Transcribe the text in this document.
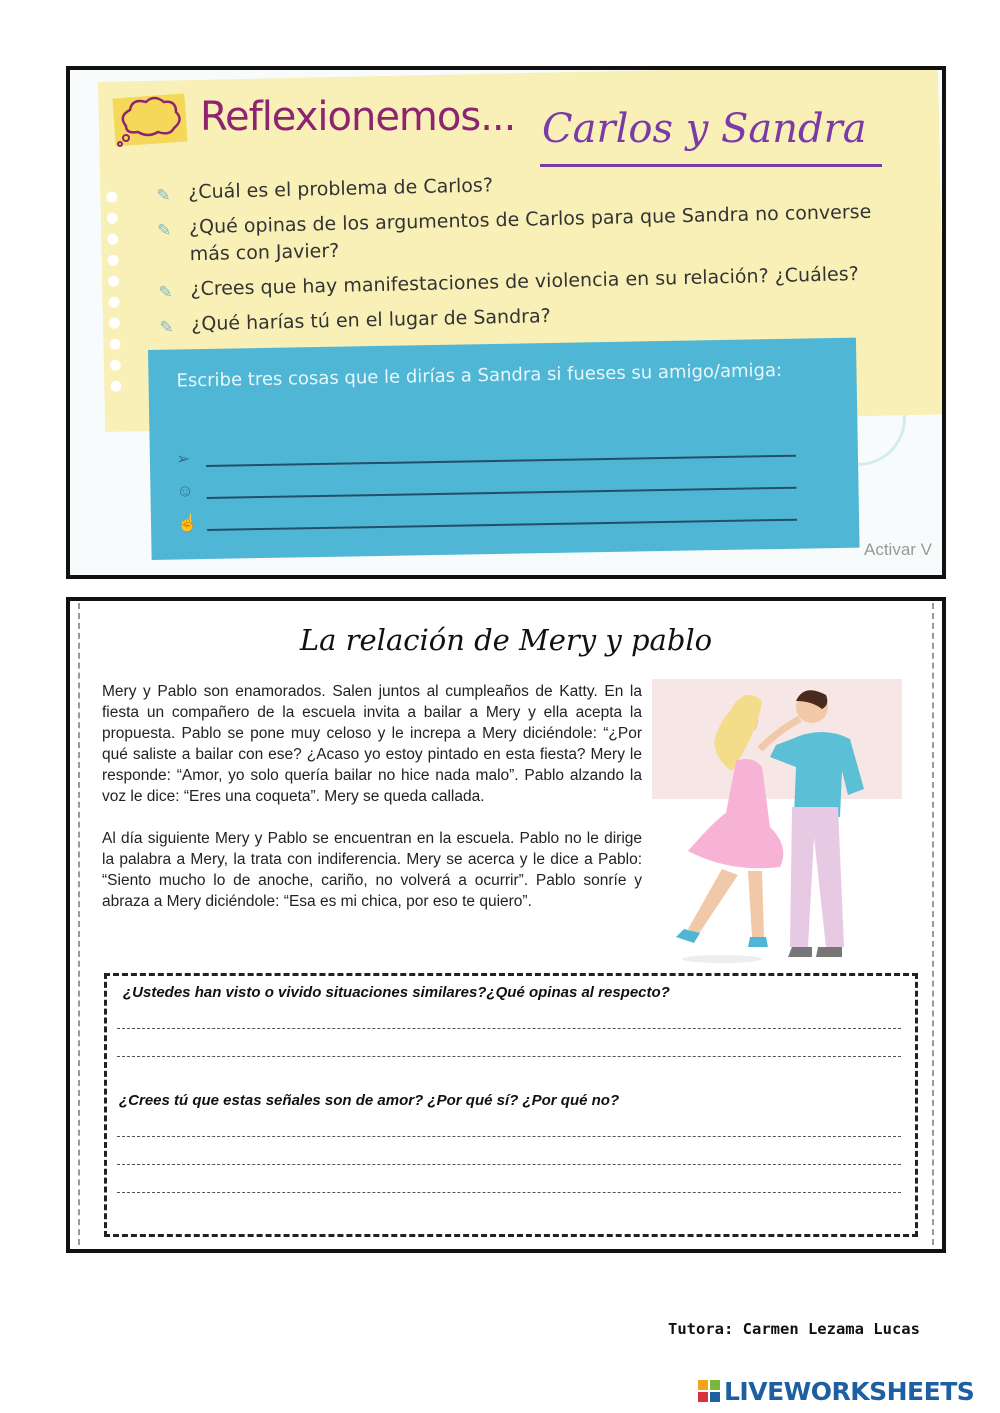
Reflexionemos... Carlos y Sandra
✎ ¿Cuál es el problema de Carlos?
✎ ¿Qué opinas de los argumentos de Carlos para que Sandra no converse más con Javier?
✎ ¿Crees que hay manifestaciones de violencia en su relación? ¿Cuáles?
✎ ¿Qué harías tú en el lugar de Sandra?
Escribe tres cosas que le dirías a Sandra si fueses su amigo/amiga:
➢
☺
☝
Activar V
La relación de Mery y pablo

Mery y Pablo son enamorados. Salen juntos al cumpleaños de Katty. En la fiesta un compañero de la escuela invita a bailar a Mery y ella acepta la propuesta. Pablo se pone muy celoso y le increpa a Mery diciéndole: “¿Por qué saliste a bailar con ese? ¿Acaso yo estoy pintado en esta fiesta? Mery le responde: “Amor, yo solo quería bailar no hice nada malo”. Pablo alzando la voz le dice: “Eres una coqueta”. Mery se queda callada.

Al día siguiente Mery y Pablo se encuentran en la escuela. Pablo no le dirige la palabra a Mery, la trata con indiferencia. Mery se acerca y le dice a Pablo: “Siento mucho lo de anoche, cariño, no volverá a ocurrir”. Pablo sonríe y abraza a Mery diciéndole: “Esa es mi chica, por eso te quiero”.

¿Ustedes han visto o vivido situaciones similares?¿Qué opinas al respecto?
¿Crees tú que estas señales son de amor? ¿Por qué sí? ¿Por qué no?
Tutora: Carmen Lezama Lucas
LIVEWORKSHEETS
